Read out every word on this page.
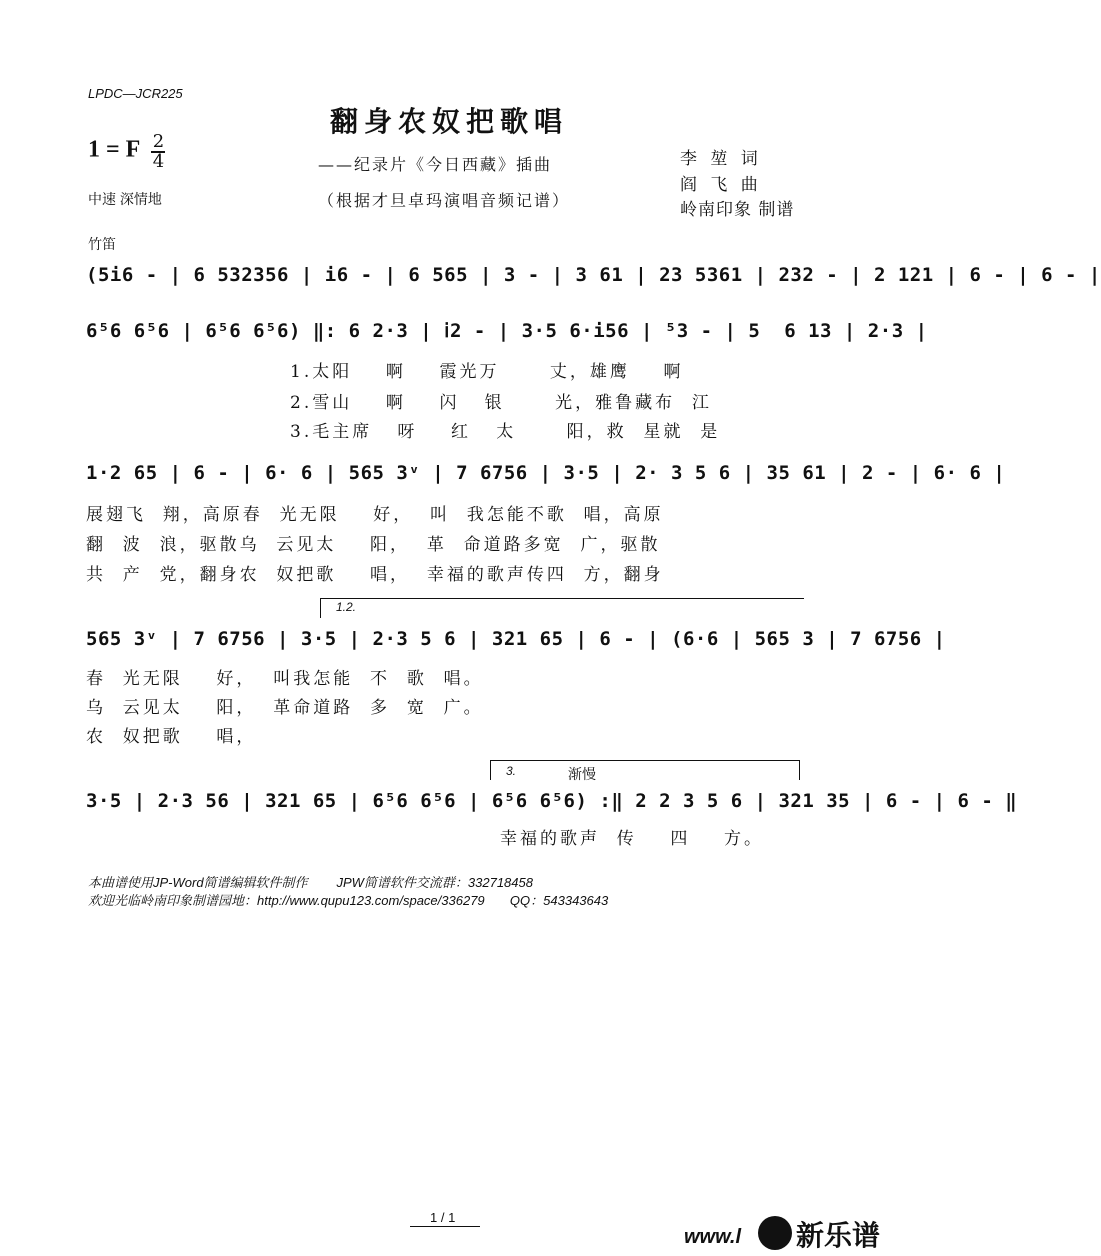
LPDC—JCR225
翻身农奴把歌唱
1 = F $\frac{2}{4}$	——纪录片《今日西藏》插曲
（根据才旦卓玛演唱音频记谱）
中速 深情地
李 堃 词
阎 飞 曲
岭南印象 制谱
竹笛
(5i6 - | 6 532356 | i6 - | 6 565 | 3 - | 3 61 | 23 5361 | 232 - | 2 121 | 6 - | 6 - |
6⁵6 6⁵6 | 6⁵6 6⁵6) ‖: 6 2·3 | ⅰ2 - | 3·5 6·i56 | ⁵3 - | 5  6 13 | 2·3 |
1.太阳    啊    霞光万      丈，雄鹰    啊
2.雪山    啊    闪   银      光，雅鲁藏布  江
3.毛主席   呀    红   太      阳，救  星就  是
1·2 65 | 6 - | 6· 6 | 565 3ᵛ | 7 6756 | 3·5 | 2· 3 5 6 | 35 61 | 2 - | 6· 6 |
展翅飞  翔，高原春  光无限    好，  叫  我怎能不歌  唱，高原
翻  波  浪，驱散乌  云见太    阳，  革  命道路多宽  广，驱散
共  产  党，翻身农  奴把歌    唱，  幸福的歌声传四  方，翻身
1.2.
565 3ᵛ | 7 6756 | 3·5 | 2·3 5 6 | 321 65 | 6 - | (6·6 | 565 3 | 7 6756 |
春  光无限    好，  叫我怎能  不  歌  唱。
乌  云见太    阳，  革命道路  多  宽  广。
农  奴把歌    唱，
3.	渐慢
3·5 | 2·3 56 | 321 65 | 6⁵6 6⁵6 | 6⁵6 6⁵6) :‖ 2 2 3 5 6 | 321 35 | 6 - | 6 - ‖
幸福的歌声  传    四    方。
本曲谱使用JP-Word简谱编辑软件制作        JPW简谱软件交流群：332718458
欢迎光临岭南印象制谱园地：http://www.qupu123.com/space/336279       QQ：543343643
1 / 1
www.l 新乐谱
